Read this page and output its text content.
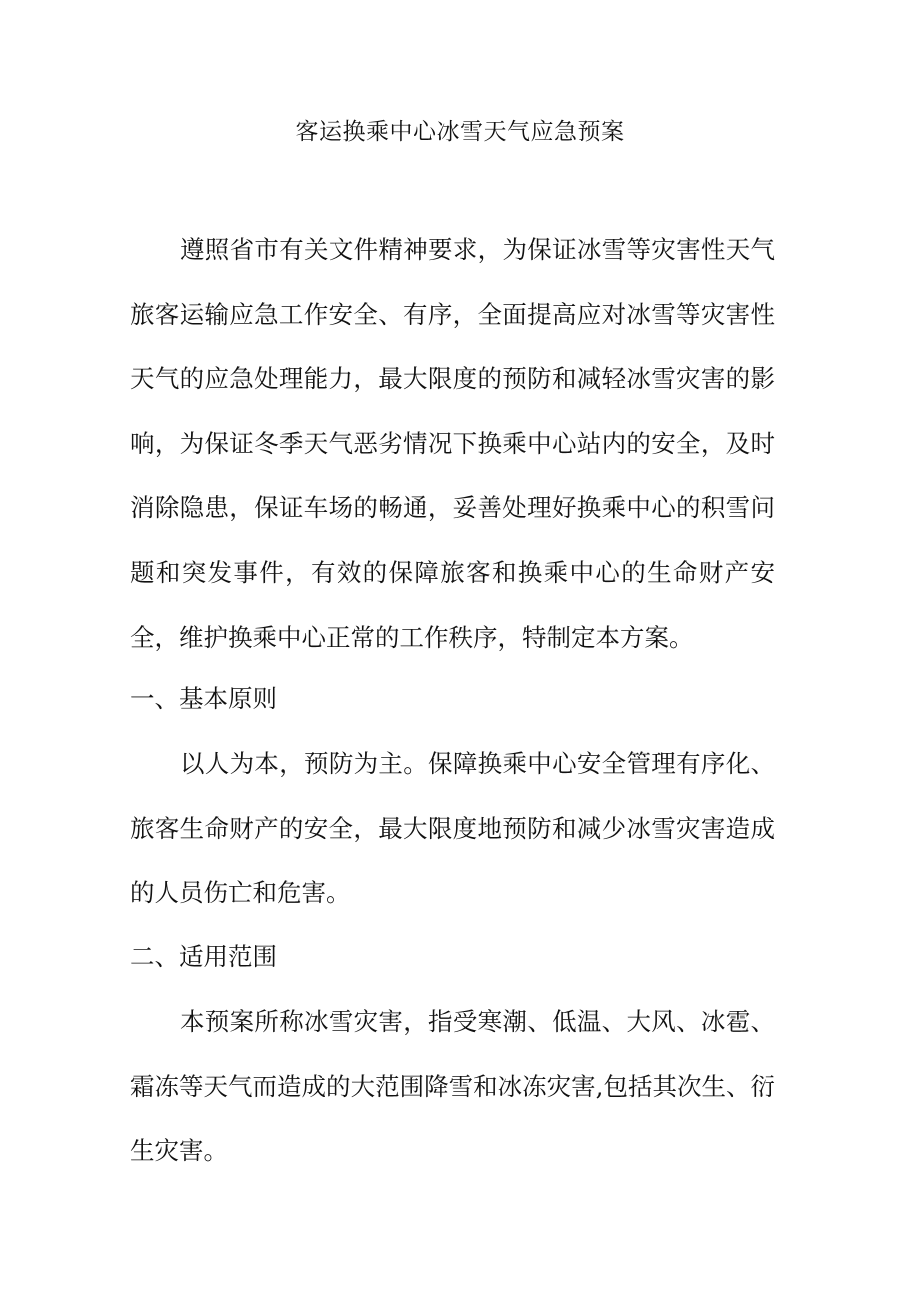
客运换乘中心冰雪天气应急预案

遵照省市有关文件精神要求，为保证冰雪等灾害性天气旅客运输应急工作安全、有序，全面提高应对冰雪等灾害性天气的应急处理能力，最大限度的预防和减轻冰雪灾害的影响，为保证冬季天气恶劣情况下换乘中心站内的安全，及时消除隐患，保证车场的畅通，妥善处理好换乘中心的积雪问题和突发事件，有效的保障旅客和换乘中心的生命财产安全，维护换乘中心正常的工作秩序，特制定本方案。

一、基本原则

以人为本，预防为主。保障换乘中心安全管理有序化、旅客生命财产的安全，最大限度地预防和减少冰雪灾害造成的人员伤亡和危害。

二、适用范围

本预案所称冰雪灾害，指受寒潮、低温、大风、冰雹、霜冻等天气而造成的大范围降雪和冰冻灾害,包括其次生、衍生灾害。
